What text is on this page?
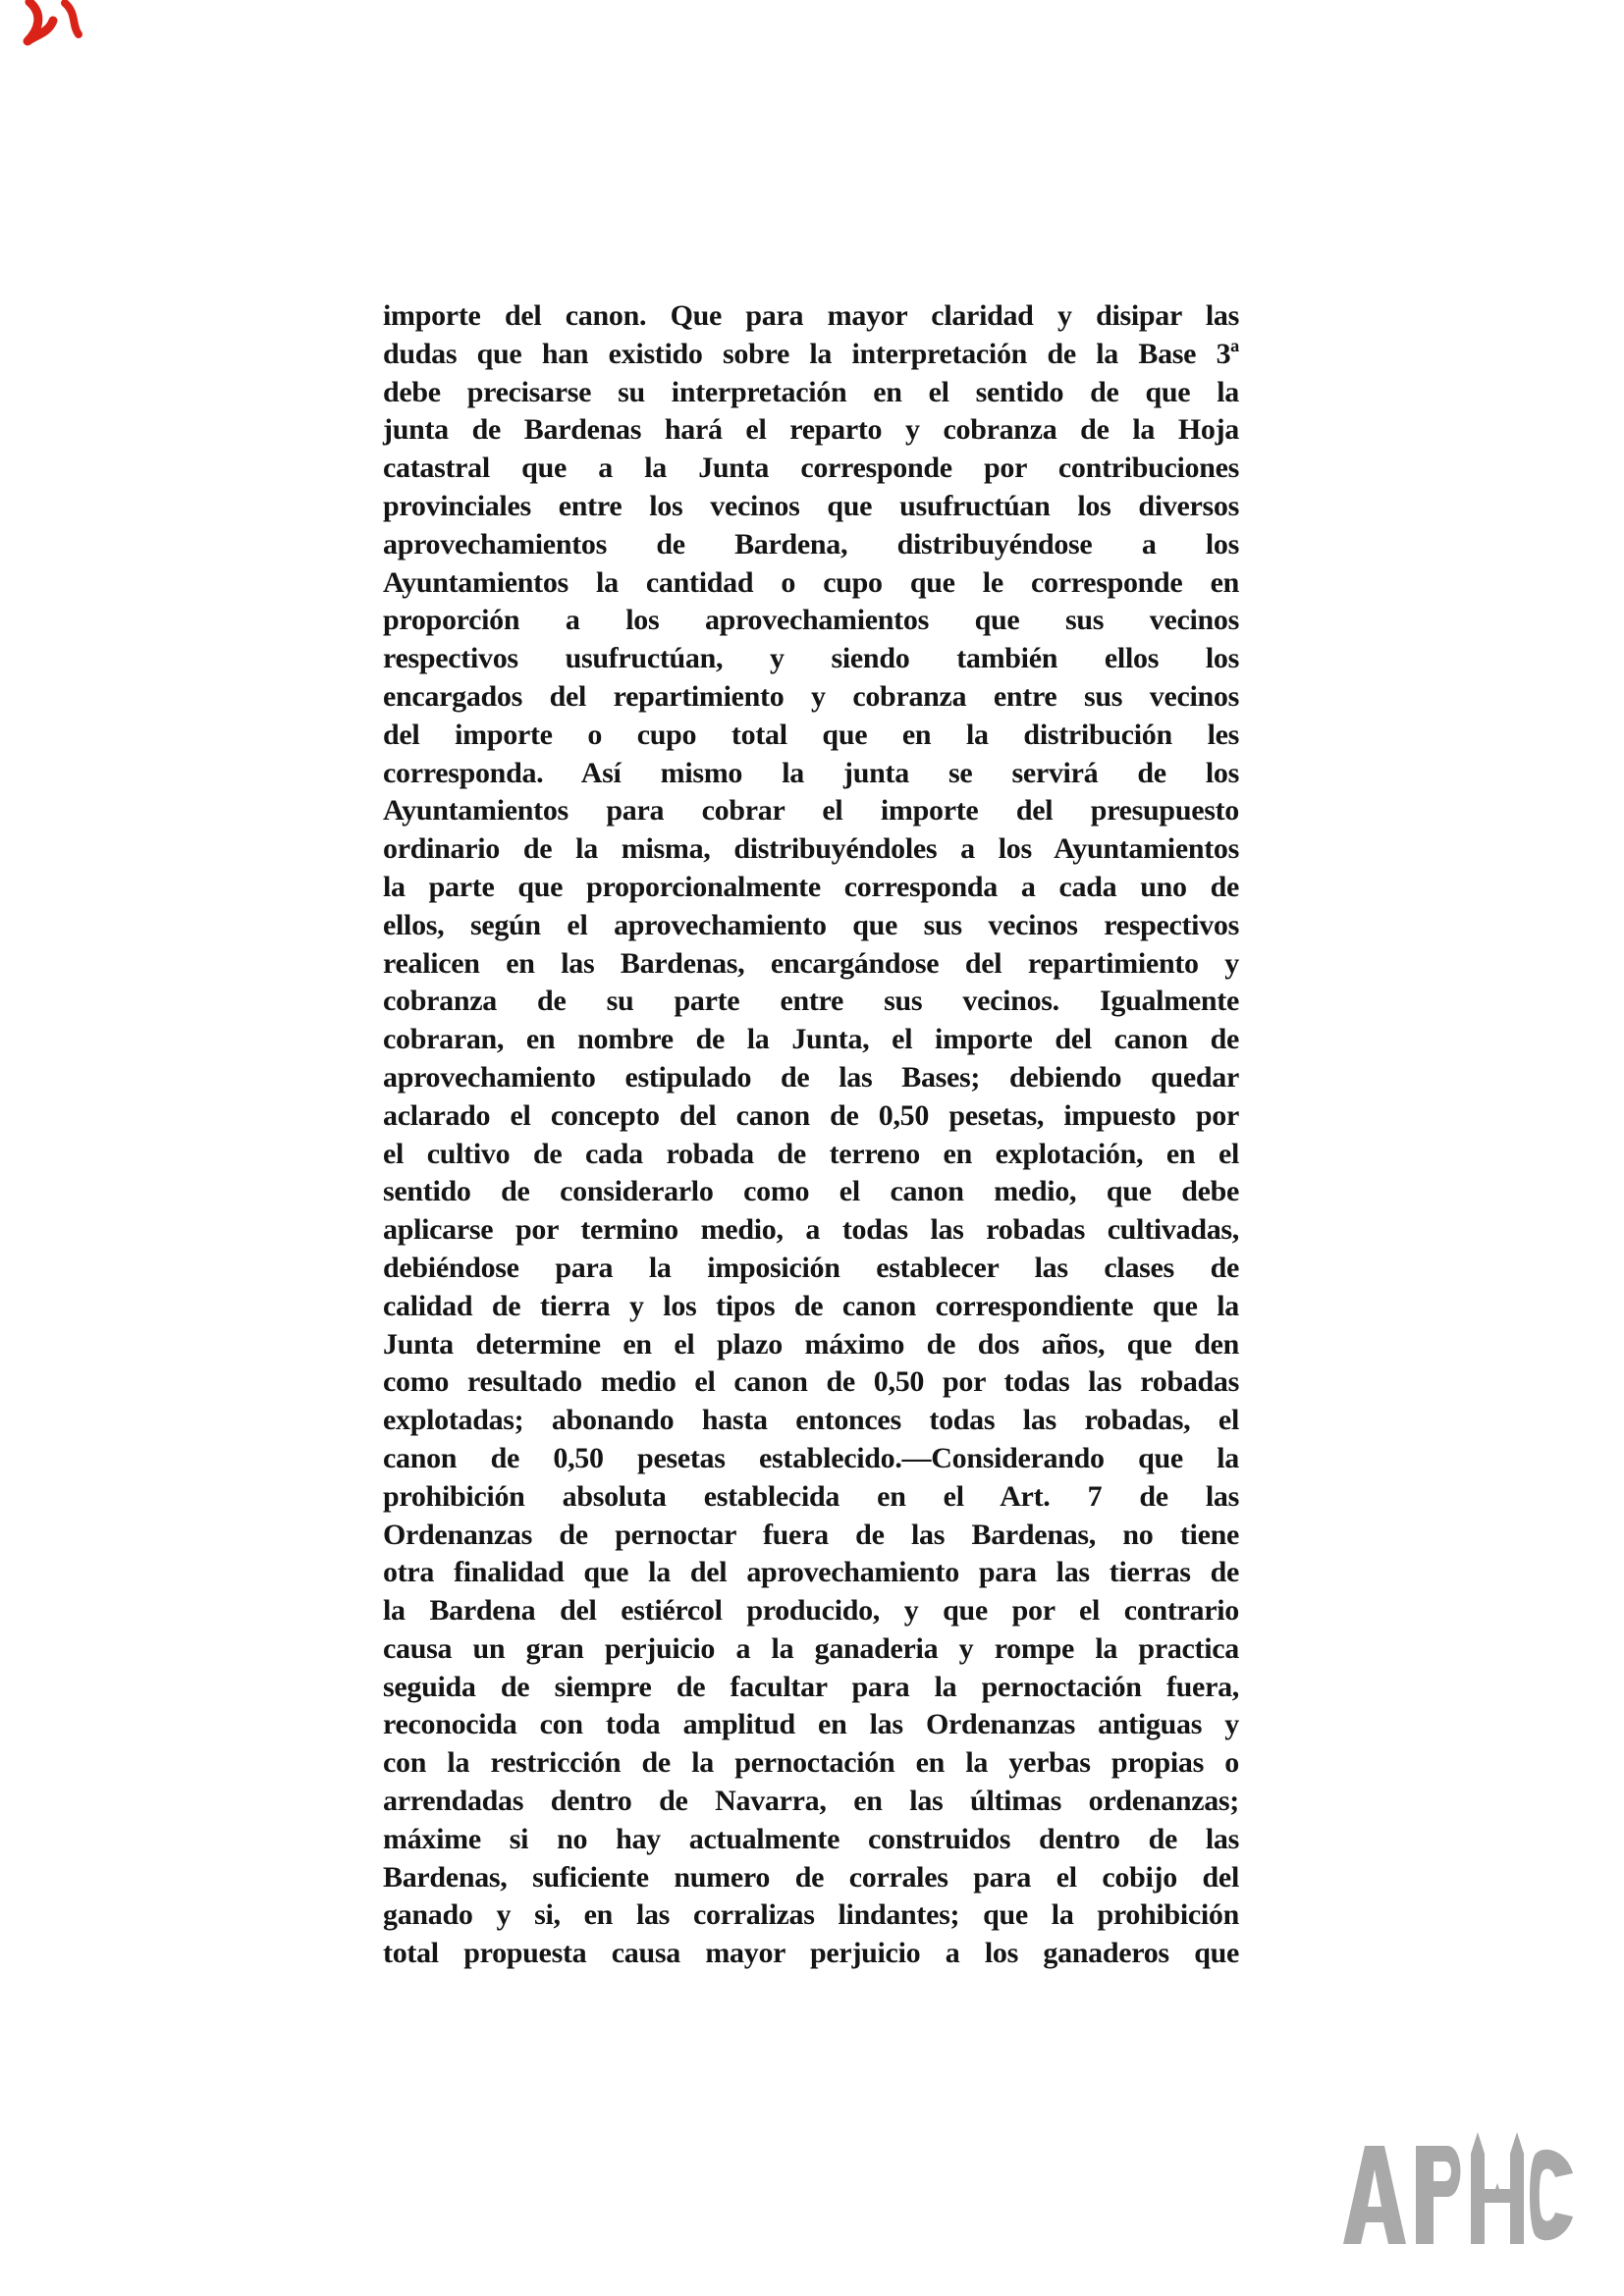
importe del canon. Que para mayor claridad y disipar las
dudas que han existido sobre la interpretación de la Base 3ª
debe precisarse su interpretación en el sentido de que la
junta de Bardenas hará el reparto y cobranza de la Hoja
catastral que a la Junta corresponde por contribuciones
provinciales entre los vecinos que usufructúan los diversos
aprovechamientos de Bardena, distribuyéndose a los
Ayuntamientos la cantidad o cupo que le corresponde en
proporción a los aprovechamientos que sus vecinos
respectivos usufructúan, y siendo también ellos los
encargados del repartimiento y cobranza entre sus vecinos
del importe o cupo total que en la distribución les
corresponda. Así mismo la junta se servirá de los
Ayuntamientos para cobrar el importe del presupuesto
ordinario de la misma, distribuyéndoles a los Ayuntamientos
la parte que proporcionalmente corresponda a cada uno de
ellos, según el aprovechamiento que sus vecinos respectivos
realicen en las Bardenas, encargándose del repartimiento y
cobranza de su parte entre sus vecinos. Igualmente
cobraran, en nombre de la Junta, el importe del canon de
aprovechamiento estipulado de las Bases; debiendo quedar
aclarado el concepto del canon de 0,50 pesetas, impuesto por
el cultivo de cada robada de terreno en explotación, en el
sentido de considerarlo como el canon medio, que debe
aplicarse por termino medio, a todas las robadas cultivadas,
debiéndose para la imposición establecer las clases de
calidad de tierra y los tipos de canon correspondiente que la
Junta determine en el plazo máximo de dos años, que den
como resultado medio el canon de 0,50 por todas las robadas
explotadas; abonando hasta entonces todas las robadas, el
canon de 0,50 pesetas establecido.—Considerando que la
prohibición absoluta establecida en el Art. 7 de las
Ordenanzas de pernoctar fuera de las Bardenas, no tiene
otra finalidad que la del aprovechamiento para las tierras de
la Bardena del estiércol producido, y que por el contrario
causa un gran perjuicio a la ganaderia y rompe la practica
seguida de siempre de facultar para la pernoctación fuera,
reconocida con toda amplitud en las Ordenanzas antiguas y
con la restricción de la pernoctación en la yerbas propias o
arrendadas dentro de Navarra, en las últimas ordenanzas;
máxime si no hay actualmente construidos dentro de las
Bardenas, suficiente numero de corrales para el cobijo del
ganado y si, en las corralizas lindantes; que la prohibición
total propuesta causa mayor perjuicio a los ganaderos que
